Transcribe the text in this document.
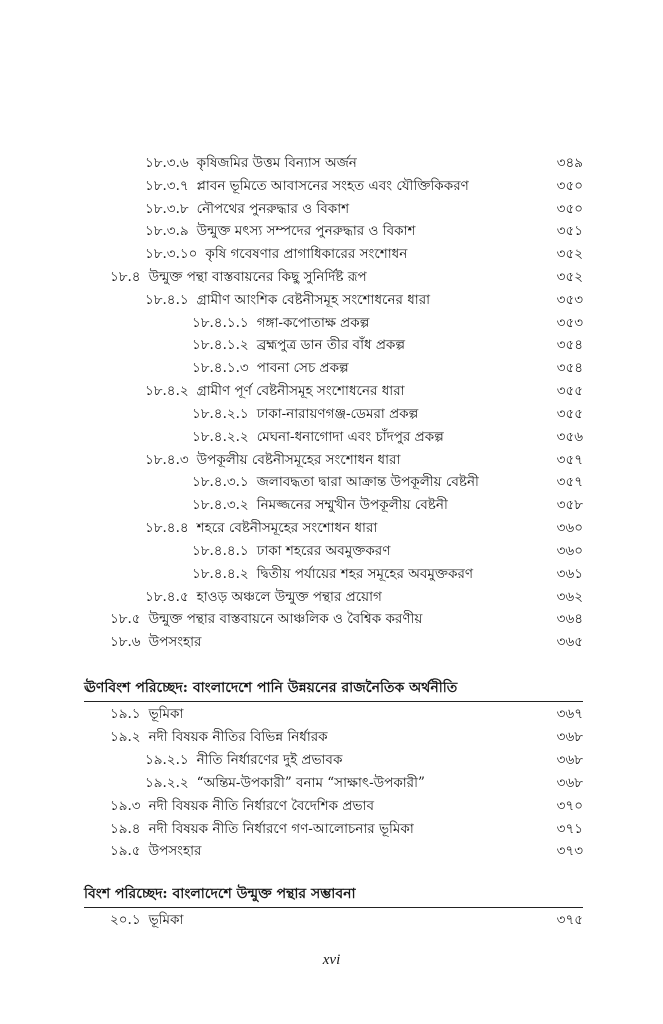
১৮.৩.৬ কৃষিজমির উত্তম বিন্যাস অর্জন	৩৪৯
১৮.৩.৭ প্লাবন ভূমিতে আবাসনের সংহত এবং যৌক্তিকিকরণ	৩৫০
১৮.৩.৮ নৌপথের পুনরুদ্ধার ও বিকাশ	৩৫০
১৮.৩.৯ উন্মুক্ত মৎস্য সম্পদের পুনরুদ্ধার ও বিকাশ	৩৫১
১৮.৩.১০ কৃষি গবেষণার প্রাগাধিকারের সংশোধন	৩৫২
১৮.৪ উন্মুক্ত পন্থা বাস্তবায়নের কিছু সুনির্দিষ্ট রূপ	৩৫২
১৮.৪.১ গ্রামীণ আংশিক বেষ্টনীসমূহ সংশোধনের ধারা	৩৫৩
১৮.৪.১.১ গঙ্গা-কপোতাক্ষ প্রকল্প	৩৫৩
১৮.৪.১.২ ব্রহ্মপুত্র ডান তীর বাঁধ প্রকল্প	৩৫৪
১৮.৪.১.৩ পাবনা সেচ প্রকল্প	৩৫৪
১৮.৪.২ গ্রামীণ পূর্ণ বেষ্টনীসমূহ সংশোধনের ধারা	৩৫৫
১৮.৪.২.১ ঢাকা-নারায়ণগঞ্জ-ডেমরা প্রকল্প	৩৫৫
১৮.৪.২.২ মেঘনা-ধনাগোদা এবং চাঁদপুর প্রকল্প	৩৫৬
১৮.৪.৩ উপকূলীয় বেষ্টনীসমূহের সংশোধন ধারা	৩৫৭
১৮.৪.৩.১ জলাবদ্ধতা দ্বারা আক্রান্ত উপকূলীয় বেষ্টনী	৩৫৭
১৮.৪.৩.২ নিমজ্জনের সম্মুখীন উপকূলীয় বেষ্টনী	৩৫৮
১৮.৪.৪ শহরে বেষ্টনীসমূহের সংশোধন ধারা	৩৬০
১৮.৪.৪.১ ঢাকা শহরের অবমুক্তকরণ	৩৬০
১৮.৪.৪.২ দ্বিতীয় পর্যায়ের শহর সমূহের অবমুক্তকরণ	৩৬১
১৮.৪.৫ হাওড় অঞ্চলে উন্মুক্ত পন্থার প্রয়োগ	৩৬২
১৮.৫ উন্মুক্ত পন্থার বাস্তবায়নে আঞ্চলিক ও বৈশ্বিক করণীয়	৩৬৪
১৮.৬ উপসংহার	৩৬৫
ঊণবিংশ পরিচ্ছেদ: বাংলাদেশে পানি উন্নয়নের রাজনৈতিক অর্থনীতি
১৯.১ ভূমিকা	৩৬৭
১৯.২ নদী বিষয়ক নীতির বিভিন্ন নির্ধারক	৩৬৮
১৯.২.১ নীতি নির্ধারণের দুই প্রভাবক	৩৬৮
১৯.২.২ “অন্তিম-উপকারী” বনাম “সাক্ষাৎ-উপকারী”	৩৬৮
১৯.৩ নদী বিষয়ক নীতি নির্ধারণে বৈদেশিক প্রভাব	৩৭০
১৯.৪ নদী বিষয়ক নীতি নির্ধারণে গণ-আলোচনার ভূমিকা	৩৭১
১৯.৫ উপসংহার	৩৭৩
বিংশ পরিচ্ছেদ: বাংলাদেশে উন্মুক্ত পন্থার সম্ভাবনা
২০.১ ভূমিকা	৩৭৫
xvi
